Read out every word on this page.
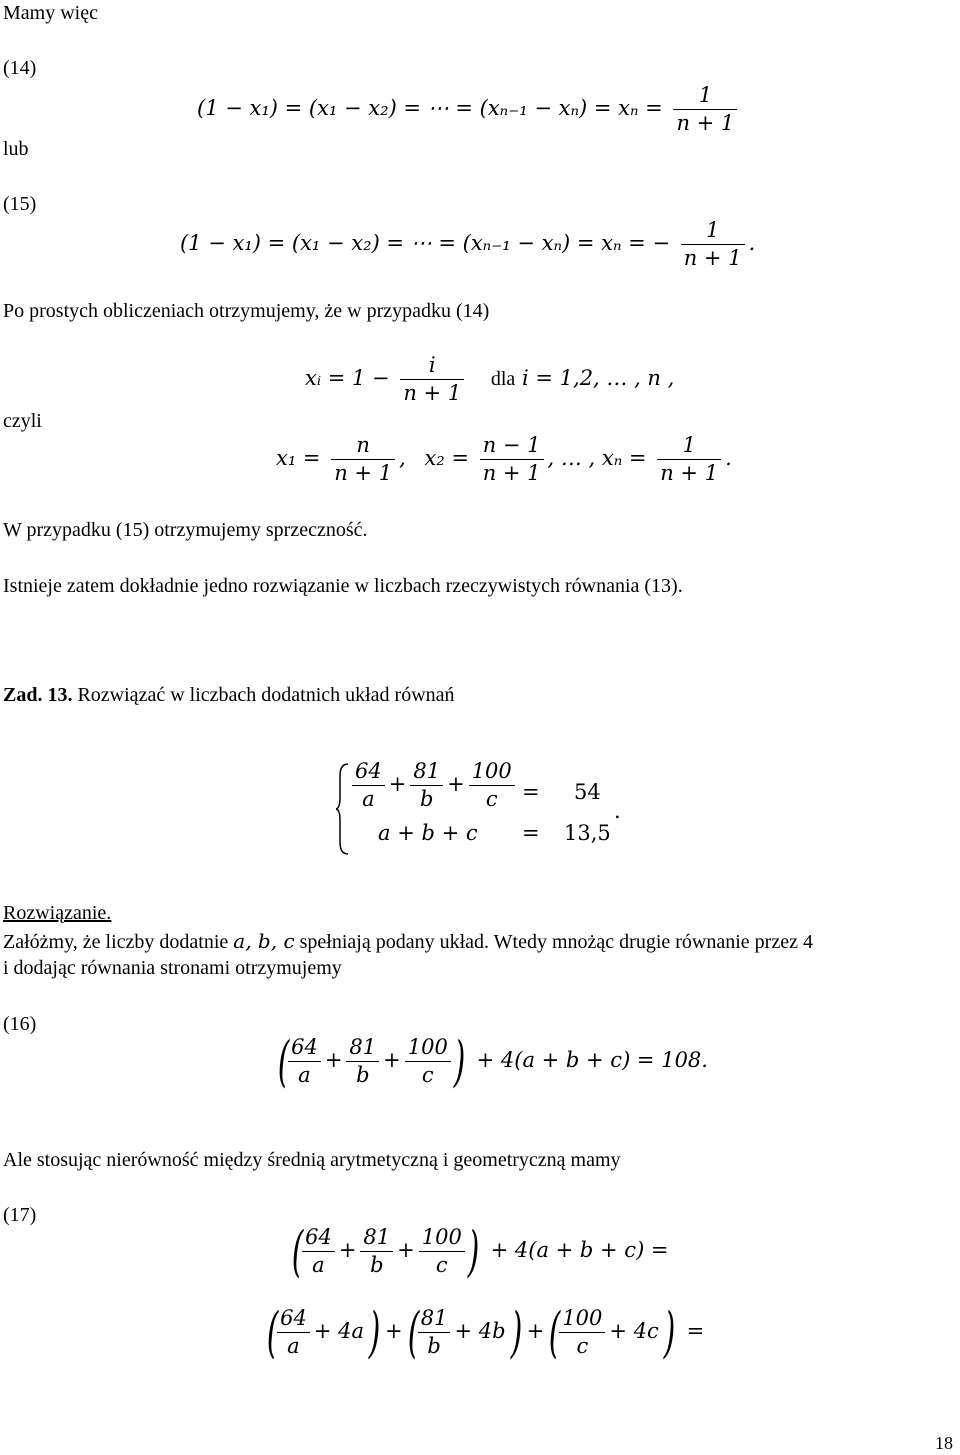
Mamy więc
(14)
lub
(15)
(1 − x₁) = (x₁ − x₂) = ⋯ = $(x_{n-1} - x_n) = x_n = \frac{1}{n + 1}$
(1 − x₁) = (x₁ − x₂) = ⋯ = (xₙ₋₁ − xₙ) = xₙ = − $\frac{1}{n + 1}$ .
Po prostych obliczeniach otrzymujemy, że w przypadku (14)
xᵢ = $1 - \frac{i}{n + 1}$ dla i = 1,2, … , n ,
czyli
$x_1 = \frac{n}{n + 1}$ , $x_2 = \frac{n - 1}{n + 1}$ , … , $x_n = \frac{1}{n + 1}$ .
W przypadku (15) otrzymujemy sprzeczność.
Istnieje zatem dokładnie jedno rozwiązanie w liczbach rzeczywistych równania (13).
Zad. 13. Rozwiązać w liczbach dodatnich układ równań
$\frac{64}{a} + \frac{81}{b} + \frac{100}{c} = 54$
a + b + c = 13,5
.
Rozwiązanie.
Załóżmy, że liczby dodatnie a, b, c spełniają podany układ. Wtedy mnożąc drugie równanie przez 4
i dodając równania stronami otrzymujemy
(16)
(
$\frac{64}{a} + \frac{81}{b} + \frac{100}{c}$ ) + 4(a + b + c) = 108.
Ale stosując nierówność między średnią arytmetyczną i geometryczną mamy
(17)
(
$\frac{64}{a} + \frac{81}{b} + \frac{100}{c}$ ) + 4(a + b + c) =
(
$\frac{64}{a} + 4a$) +(
$\frac{81}{b} + 4b$) +(
$\frac{100}{c} + 4c$) =
18
